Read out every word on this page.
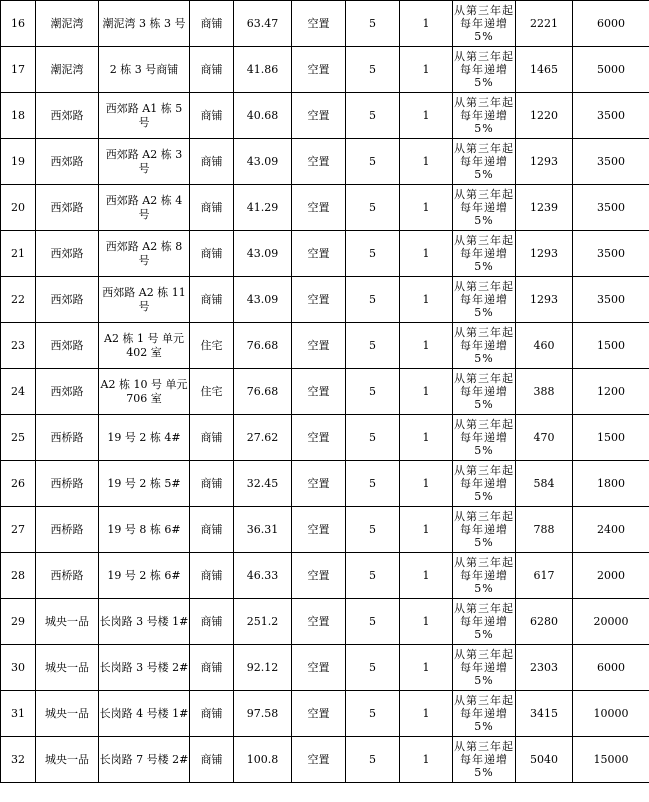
16	潮泥湾	潮泥湾 3 栋 3 号	商铺	63.47	空置	5	1	从第三年起每年递增 5%	2221	6000
17	潮泥湾	2 栋 3 号商铺	商铺	41.86	空置	5	1	从第三年起每年递增 5%	1465	5000
18	西郊路	西郊路 A1 栋 5 号	商铺	40.68	空置	5	1	从第三年起每年递增 5%	1220	3500
19	西郊路	西郊路 A2 栋 3 号	商铺	43.09	空置	5	1	从第三年起每年递增 5%	1293	3500
20	西郊路	西郊路 A2 栋 4 号	商铺	41.29	空置	5	1	从第三年起每年递增 5%	1239	3500
21	西郊路	西郊路 A2 栋 8 号	商铺	43.09	空置	5	1	从第三年起每年递增 5%	1293	3500
22	西郊路	西郊路 A2 栋 11 号	商铺	43.09	空置	5	1	从第三年起每年递增 5%	1293	3500
23	西郊路	A2 栋 1 号 单元 402 室	住宅	76.68	空置	5	1	从第三年起每年递增 5%	460	1500
24	西郊路	A2 栋 10 号 单元 706 室	住宅	76.68	空置	5	1	从第三年起每年递增 5%	388	1200
25	西桥路	19 号 2 栋 4#	商铺	27.62	空置	5	1	从第三年起每年递增 5%	470	1500
26	西桥路	19 号 2 栋 5#	商铺	32.45	空置	5	1	从第三年起每年递增 5%	584	1800
27	西桥路	19 号 8 栋 6#	商铺	36.31	空置	5	1	从第三年起每年递增 5%	788	2400
28	西桥路	19 号 2 栋 6#	商铺	46.33	空置	5	1	从第三年起每年递增 5%	617	2000
29	城央一品	长岗路 3 号楼 1#	商铺	251.2	空置	5	1	从第三年起每年递增 5%	6280	20000
30	城央一品	长岗路 3 号楼 2#	商铺	92.12	空置	5	1	从第三年起每年递增 5%	2303	6000
31	城央一品	长岗路 4 号楼 1#	商铺	97.58	空置	5	1	从第三年起每年递增 5%	3415	10000
32	城央一品	长岗路 7 号楼 2#	商铺	100.8	空置	5	1	从第三年起每年递增 5%	5040	15000
